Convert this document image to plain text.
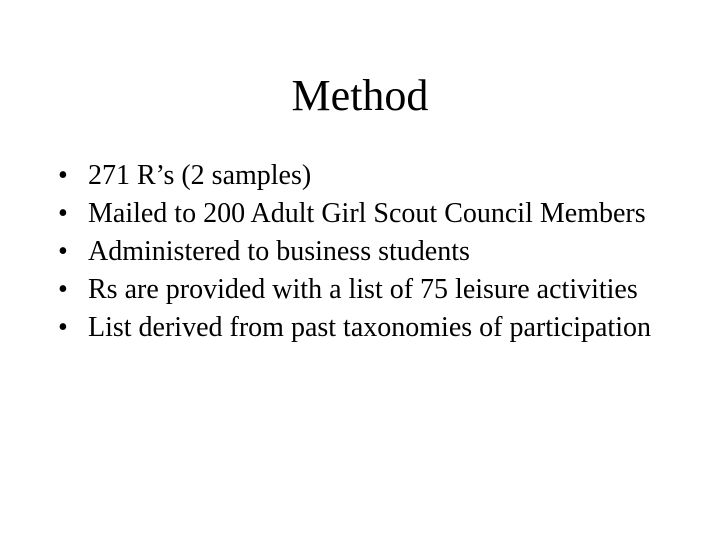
Method
• 271 R’s (2 samples)
• Mailed to 200 Adult Girl Scout Council Members
• Administered to business students
• Rs are provided with a list of 75 leisure activities
• List derived from past taxonomies of participation
